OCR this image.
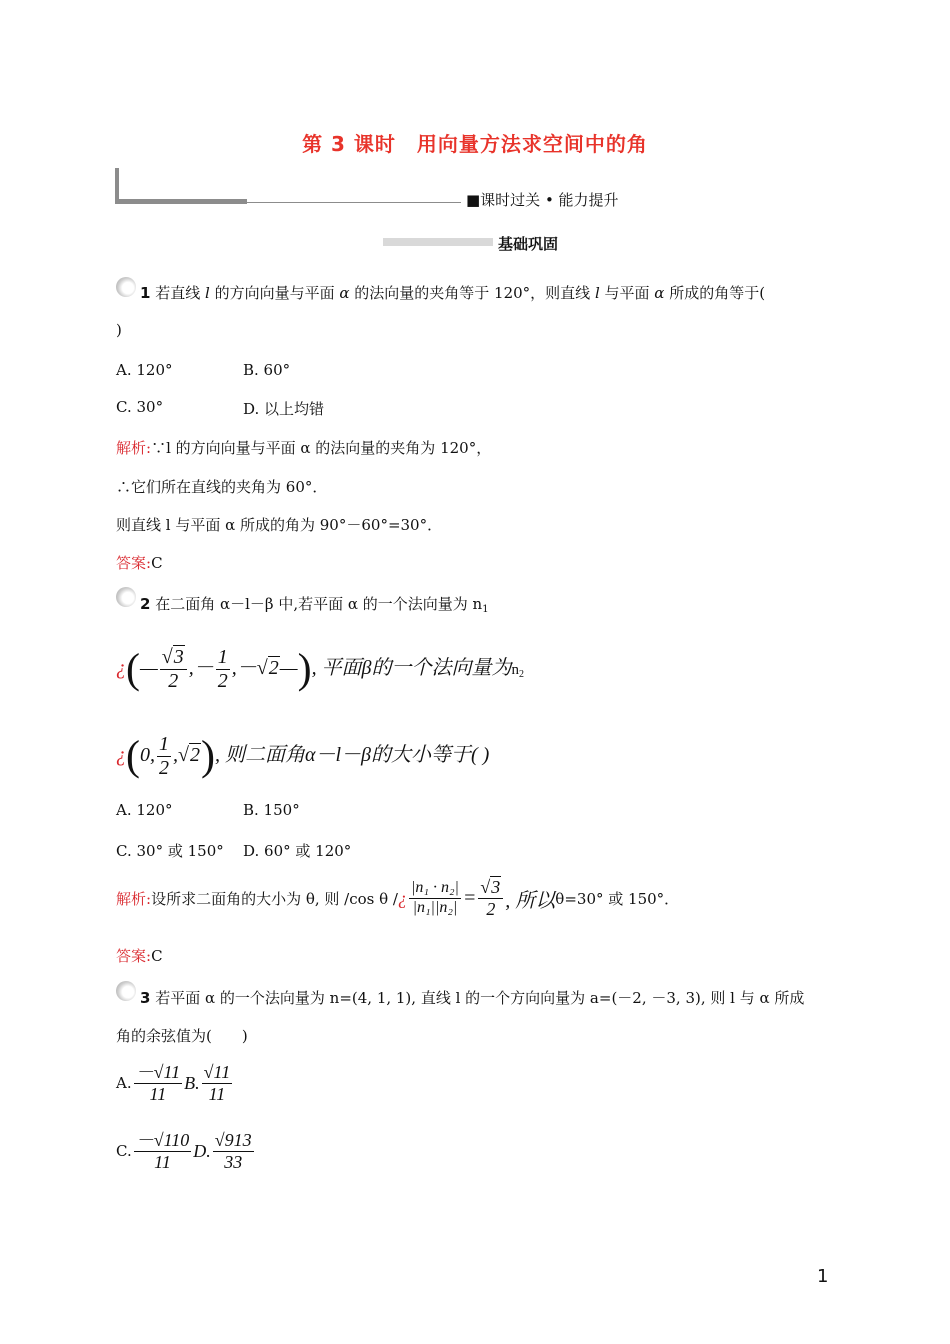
第 3 课时　用向量方法求空间中的角
■课时过关 • 能力提升
基础巩固
1 若直线 l 的方向向量与平面 α 的法向量的夹角等于 120°，则直线 l 与平面 α 所成的角等于(
)
A. 120°	B. 60°
C. 30°	D. 以上均错
解析:∵l 的方向向量与平面 α 的法向量的夹角为 120°，
∴它们所在直线的夹角为 60°．
则直线 l 与平面 α 所成的角为 90°－60°=30°．
答案:C
2 在二面角 α－l－β 中,若平面 α 的一个法向量为 $n_1$
¿(— $\frac{√3}{2}$ ,－ $\frac{1}{2}$ ,－√2—), 平面β的一个法向量为n2
¿(0, $\frac{1}{2} ,√2$), 则二面角α－l－β的大小等于( )
A. 120°	B. 150°
C. 30° 或 150° D. 60° 或 120°
解析: 设所求二面角的大小为 θ, 则 /cos θ / ¿ $\frac{\text{|n₁ · n₂|}}{\text{|n₁||n₂|}} = \frac{√3}{2}$ , 所以 θ=30° 或 150°．
答案:C
3 若平面 α 的一个法向量为 n=(4, 1, 1), 直线 l 的一个方向向量为 a=(－2, －3, 3), 则 l 与 α 所成
角的余弦值为(　　)
A. $\frac{-√11}{11} B$. $\frac{√11}{11}$
C. $\frac{-√110}{11} D$. $\frac{√913}{33}$
1
